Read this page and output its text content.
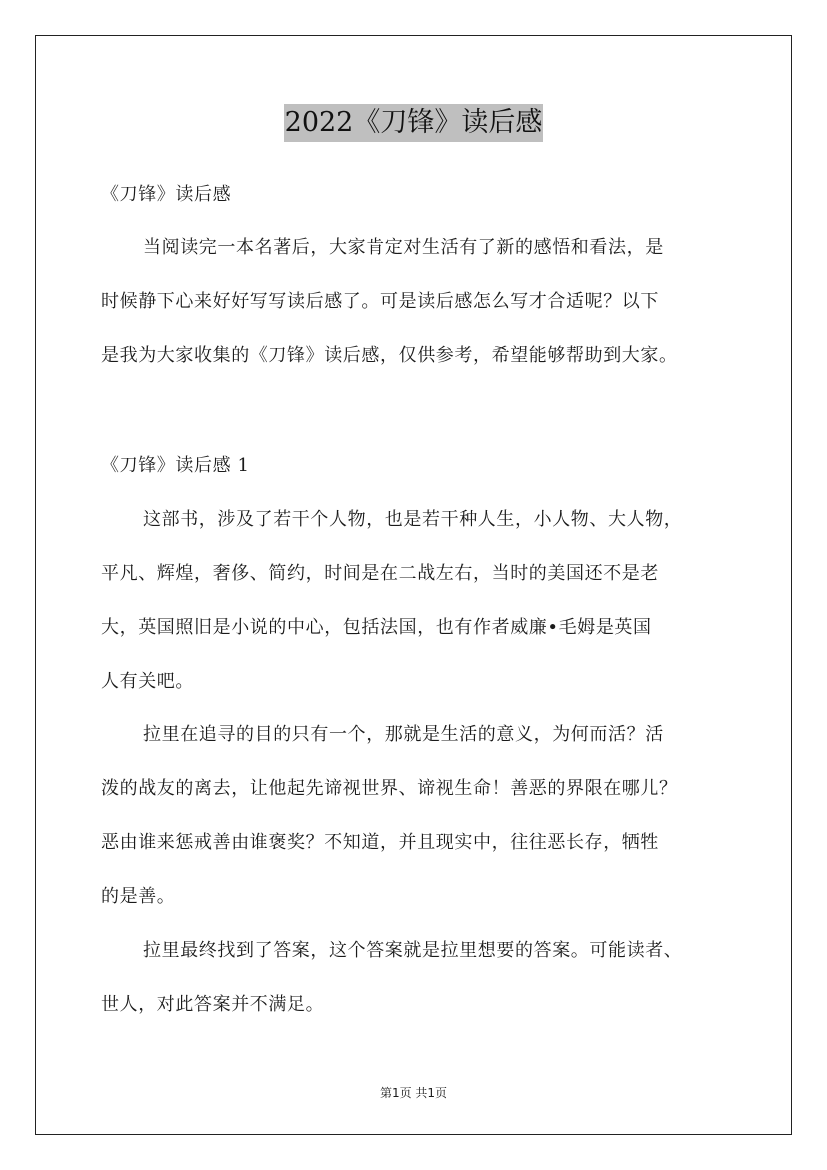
2022《刀锋》读后感
《刀锋》读后感
当阅读完一本名著后，大家肯定对生活有了新的感悟和看法，是
时候静下心来好好写写读后感了。可是读后感怎么写才合适呢？以下
是我为大家收集的《刀锋》读后感，仅供参考，希望能够帮助到大家。
《刀锋》读后感 1
这部书，涉及了若干个人物，也是若干种人生，小人物、大人物，
平凡、辉煌，奢侈、简约，时间是在二战左右，当时的美国还不是老
大，英国照旧是小说的中心，包括法国，也有作者威廉•毛姆是英国
人有关吧。
拉里在追寻的目的只有一个，那就是生活的意义，为何而活？活
泼的战友的离去，让他起先谛视世界、谛视生命！善恶的界限在哪儿？
恶由谁来惩戒善由谁褒奖？不知道，并且现实中，往往恶长存，牺牲
的是善。
拉里最终找到了答案，这个答案就是拉里想要的答案。可能读者、
世人，对此答案并不满足。
第1页 共1页
